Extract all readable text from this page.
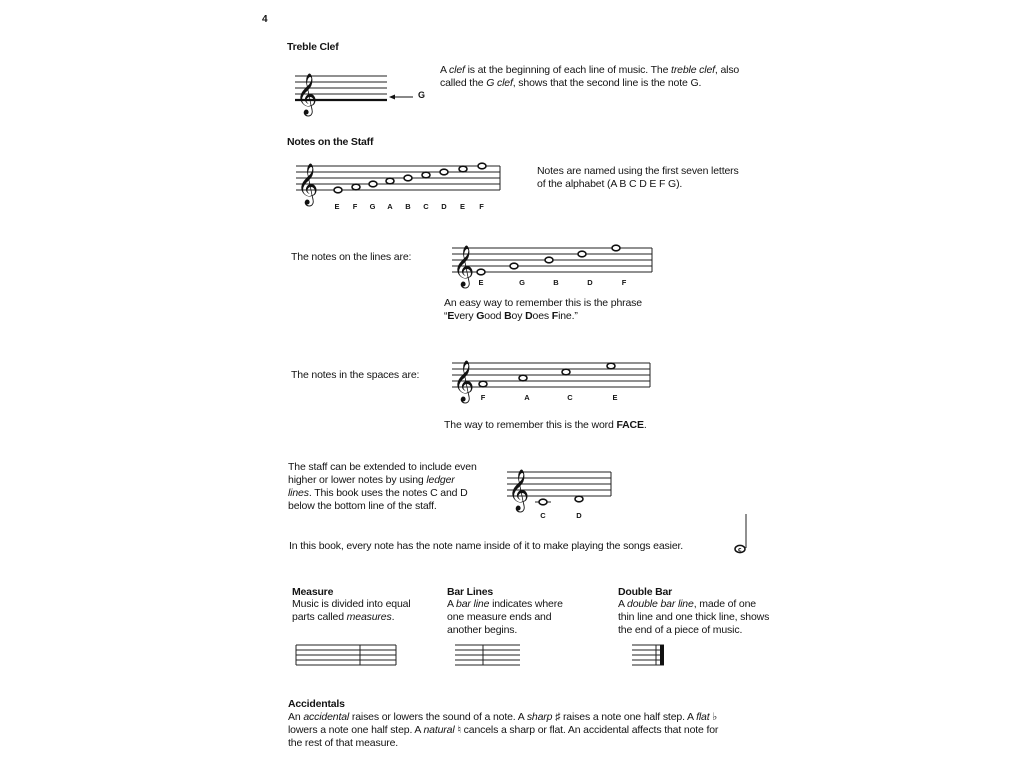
4
Treble Clef
𝄞	G
A clef is at the beginning of each line of music. The treble clef, also
called the G clef, shows that the second line is the note G.
Notes on the Staff
𝄞
E	F	G	A	B	C	D	E	F
Notes are named using the first seven letters
of the alphabet (A B C D E F G).
The notes on the lines are: 𝄞 E	G	B	D	F
An easy way to remember this is the phrase
“Every Good Boy Does Fine.”
The notes in the spaces are: 𝄞 F	A	C	E
The way to remember this is the word FACE.
The staff can be extended to include even
higher or lower notes by using ledger
lines. This book uses the notes C and D
below the bottom line of the staff.	𝄞
C	D
In this book, every note has the note name inside of it to make playing the songs easier.	c
Measure
Music is divided into equal
parts called measures.
Bar Lines
A bar line indicates where
one measure ends and
another begins.
Double Bar
A double bar line, made of one
thin line and one thick line, shows
the end of a piece of music.
Accidentals
An accidental raises or lowers the sound of a note. A sharp ♯ raises a note one half step. A flat ♭
lowers a note one half step. A natural ♮ cancels a sharp or flat. An accidental affects that note for
the rest of that measure.
